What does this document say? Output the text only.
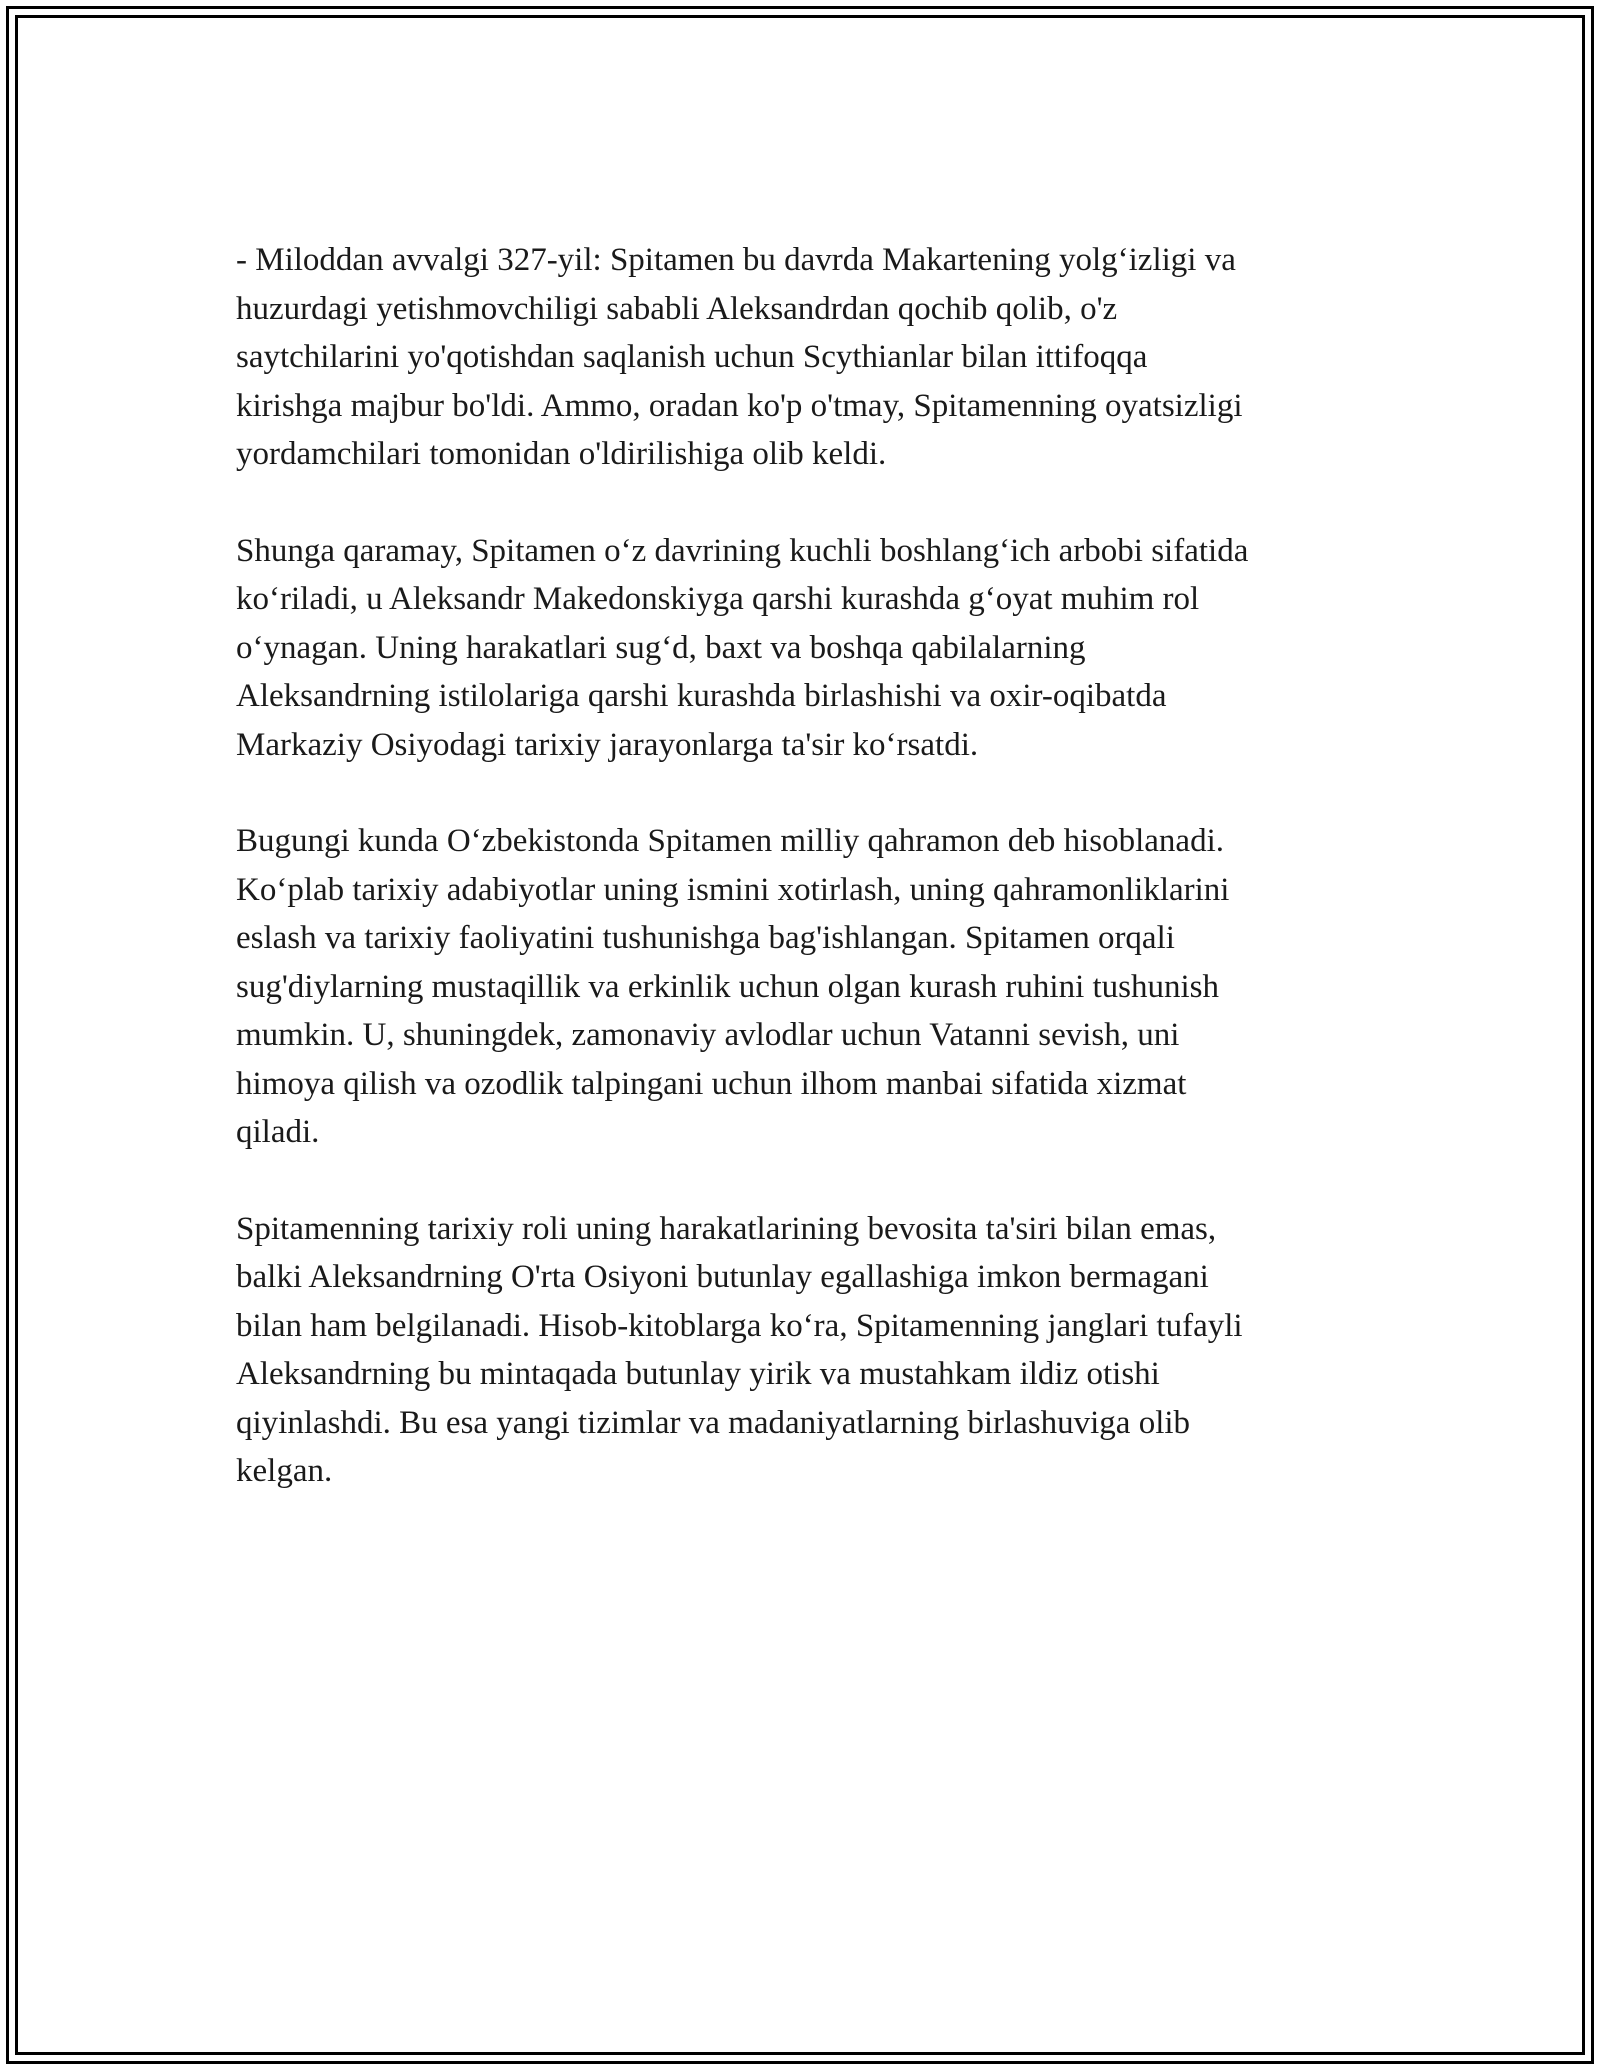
- Miloddan avvalgi 327-yil: Spitamen bu davrda Makartening yolg‘izligi va
huzurdagi yetishmovchiligi sababli Aleksandrdan qochib qolib, o'z
saytchilarini yo'qotishdan saqlanish uchun Scythianlar bilan ittifoqqa
kirishga majbur bo'ldi. Ammo, oradan ko'p o'tmay, Spitamenning oyatsizligi
yordamchilari tomonidan o'ldirilishiga olib keldi.

Shunga qaramay, Spitamen o‘z davrining kuchli boshlang‘ich arbobi sifatida
ko‘riladi, u Aleksandr Makedonskiyga qarshi kurashda g‘oyat muhim rol
o‘ynagan. Uning harakatlari sug‘d, baxt va boshqa qabilalarning
Aleksandrning istilolariga qarshi kurashda birlashishi va oxir-oqibatda
Markaziy Osiyodagi tarixiy jarayonlarga ta'sir ko‘rsatdi.

Bugungi kunda O‘zbekistonda Spitamen milliy qahramon deb hisoblanadi.
Ko‘plab tarixiy adabiyotlar uning ismini xotirlash, uning qahramonliklarini
eslash va tarixiy faoliyatini tushunishga bag'ishlangan. Spitamen orqali
sug'diylarning mustaqillik va erkinlik uchun olgan kurash ruhini tushunish
mumkin. U, shuningdek, zamonaviy avlodlar uchun Vatanni sevish, uni
himoya qilish va ozodlik talpingani uchun ilhom manbai sifatida xizmat
qiladi.

Spitamenning tarixiy roli uning harakatlarining bevosita ta'siri bilan emas,
balki Aleksandrning O'rta Osiyoni butunlay egallashiga imkon bermagani
bilan ham belgilanadi. Hisob-kitoblarga ko‘ra, Spitamenning janglari tufayli
Aleksandrning bu mintaqada butunlay yirik va mustahkam ildiz otishi
qiyinlashdi. Bu esa yangi tizimlar va madaniyatlarning birlashuviga olib
kelgan.
